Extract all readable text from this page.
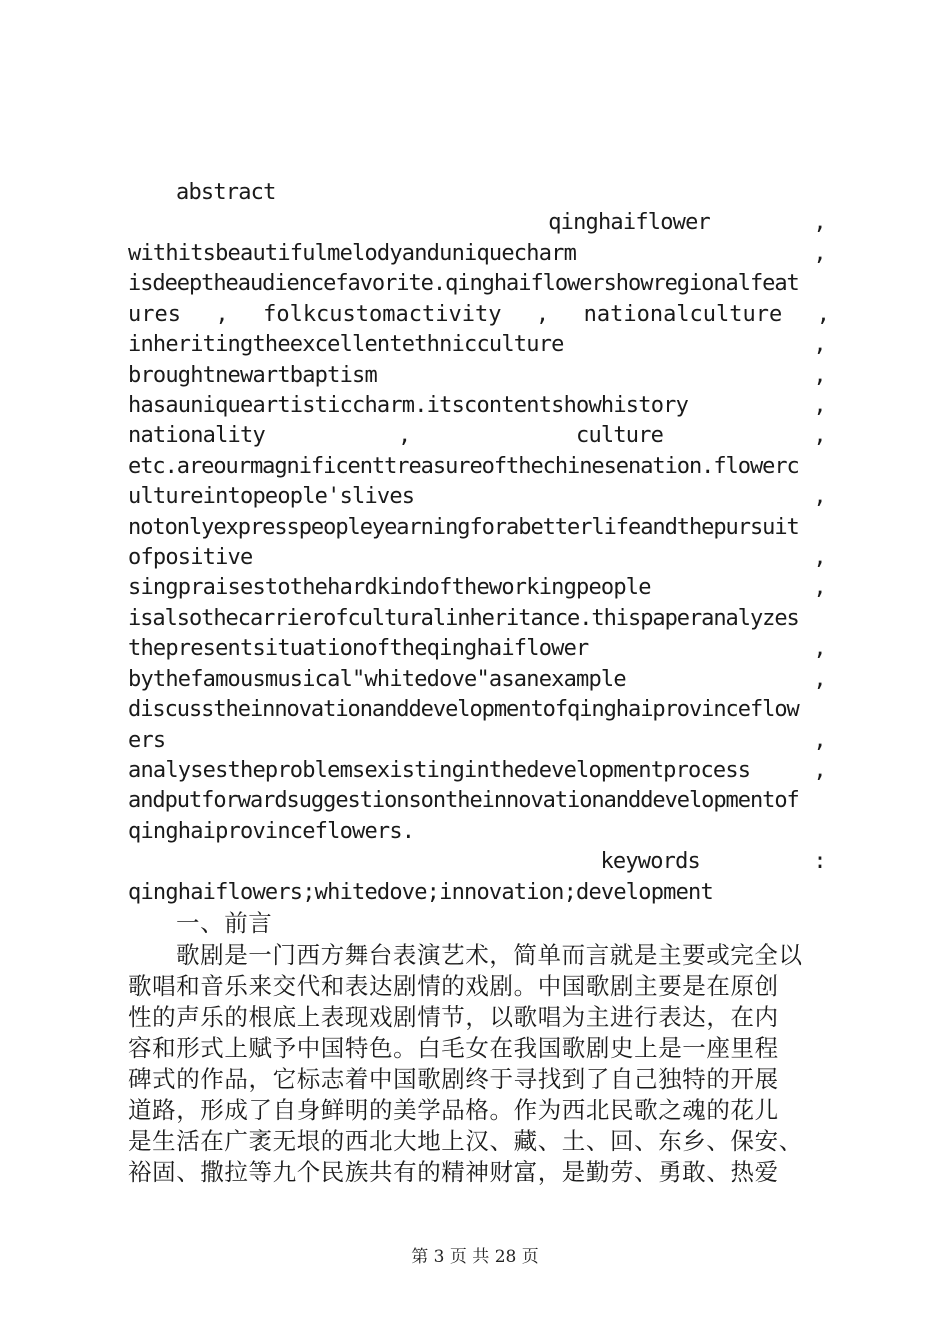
abstract
qinghaiflower	,
withitsbeautifulmelodyanduniquecharm	,
isdeeptheaudiencefavorite.qinghaiflowershowregionalfeat
ures , folkcustomactivity , nationalculture ,
inheritingtheexcellentethnicculture	,
broughtnewartbaptism	,
hasauniqueartisticcharm.itscontentshowhistory	,
nationality	,	culture	,
etc.areourmagnificenttreasureofthechinesenation.flowerc
ultureintopeople'slives	,
notonlyexpresspeopleyearningforabetterlifeandthepursuit
ofpositive	,
singpraisestothehardkindoftheworkingpeople	,
isalsothecarrierofculturalinheritance.thispaperanalyzes
thepresentsituationoftheqinghaiflower	,
bythefamousmusical"whitedove"asanexample	,
discusstheinnovationanddevelopmentofqinghaiprovinceflow
ers	,
analysestheproblemsexistinginthedevelopmentprocess	,
andputforwardsuggestionsontheinnovationanddevelopmentof
qinghaiprovinceflowers.
keywords	:
qinghaiflowers;whitedove;innovation;development
一、前言
歌剧是一门西方舞台表演艺术，简单而言就是主要或完全以
歌唱和音乐来交代和表达剧情的戏剧。中国歌剧主要是在原创
性的声乐的根底上表现戏剧情节，以歌唱为主进行表达，在内
容和形式上赋予中国特色。白毛女在我国歌剧史上是一座里程
碑式的作品，它标志着中国歌剧终于寻找到了自己独特的开展
道路，形成了自身鲜明的美学品格。作为西北民歌之魂的花儿
是生活在广袤无垠的西北大地上汉、藏、土、回、东乡、保安、
裕固、撒拉等九个民族共有的精神财富，是勤劳、勇敢、热爱
第 3 页 共 28 页
